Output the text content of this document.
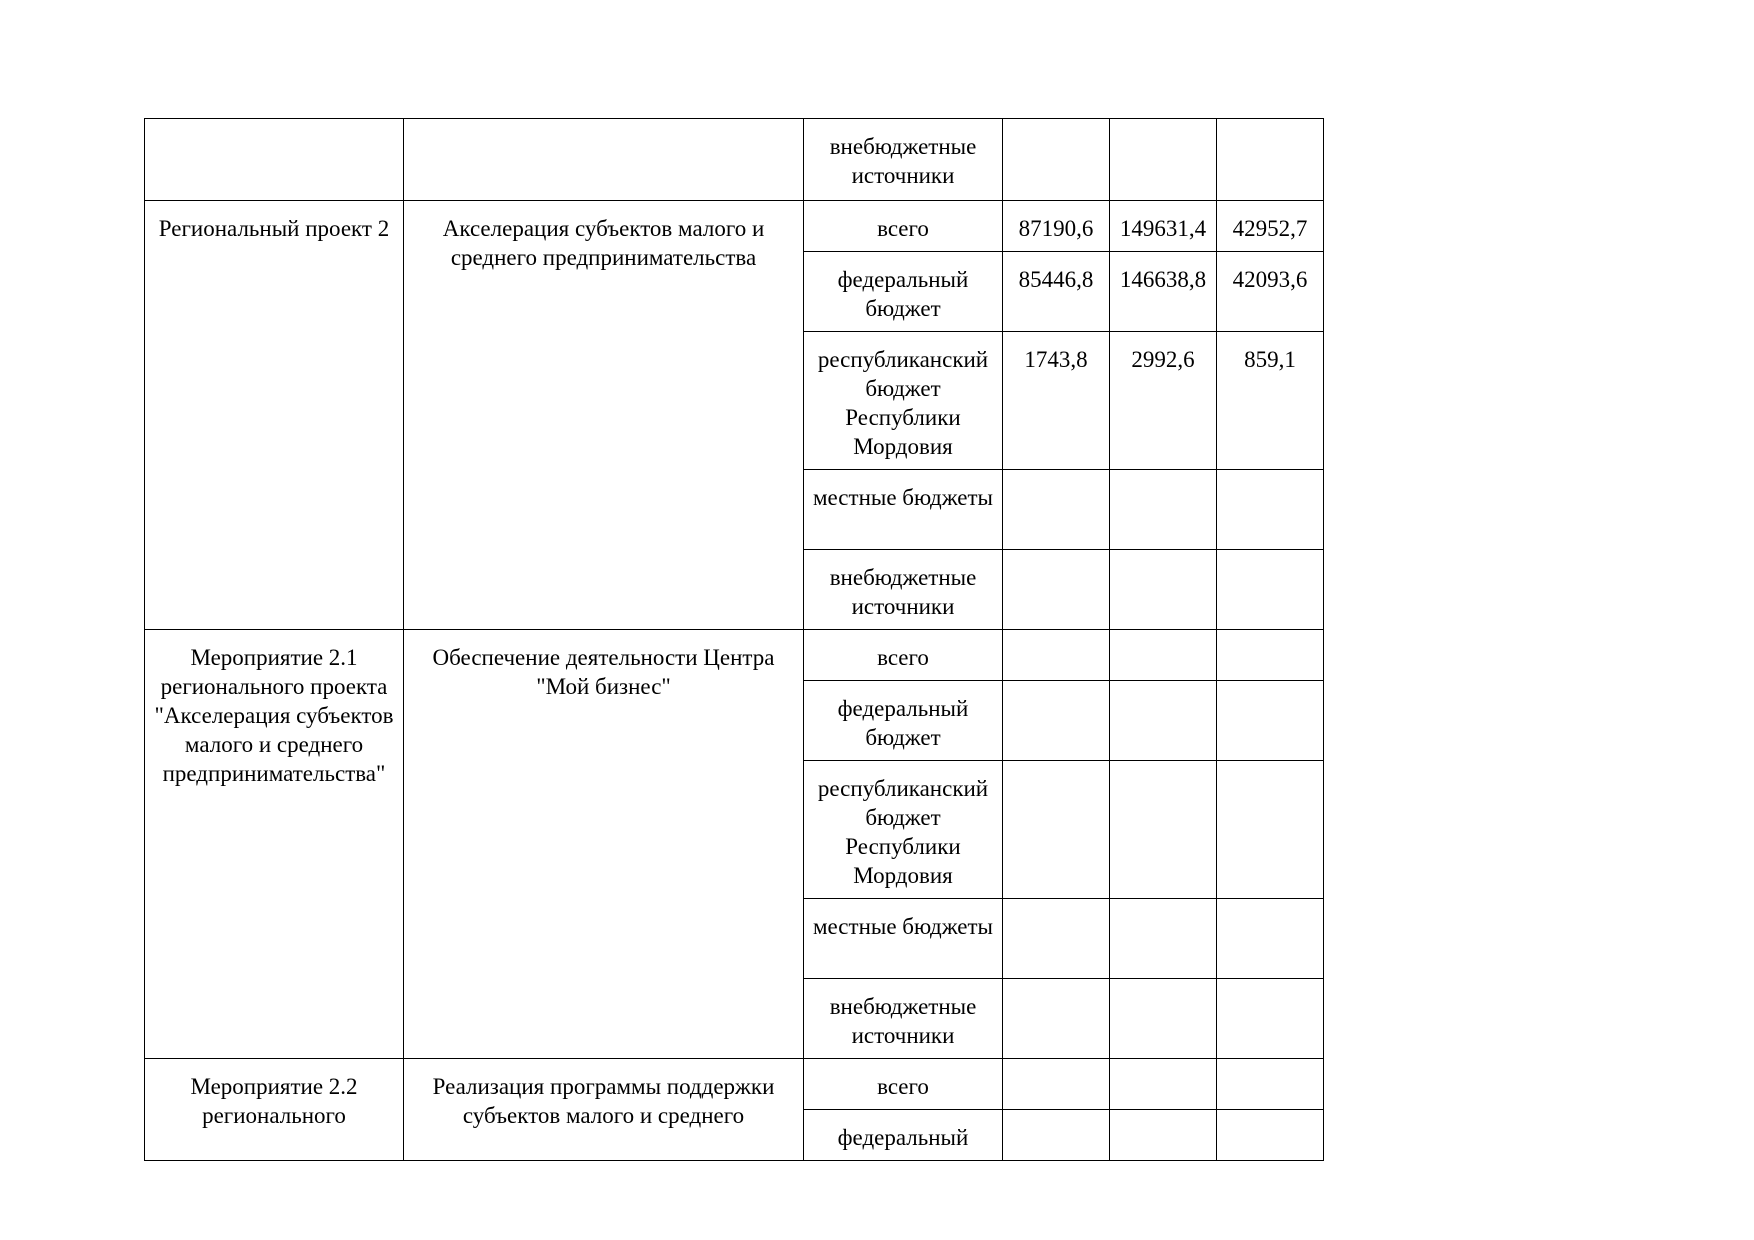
		внебюджетные источники			
Региональный проект 2	Акселерация субъектов малого и среднего предпринимательства	всего	87190,6	149631,4	42952,7
		федеральный бюджет	85446,8	146638,8	42093,6
		республиканский бюджет Республики Мордовия	1743,8	2992,6	859,1
		местные бюджеты			
		внебюджетные источники			
Мероприятие 2.1 регионального проекта "Акселерация субъектов малого и среднего предпринимательства"	Обеспечение деятельности Центра "Мой бизнес"	всего			
		федеральный бюджет			
		республиканский бюджет Республики Мордовия			
		местные бюджеты			
		внебюджетные источники			
Мероприятие 2.2 регионального	Реализация программы поддержки субъектов малого и среднего	всего			
		федеральный			
